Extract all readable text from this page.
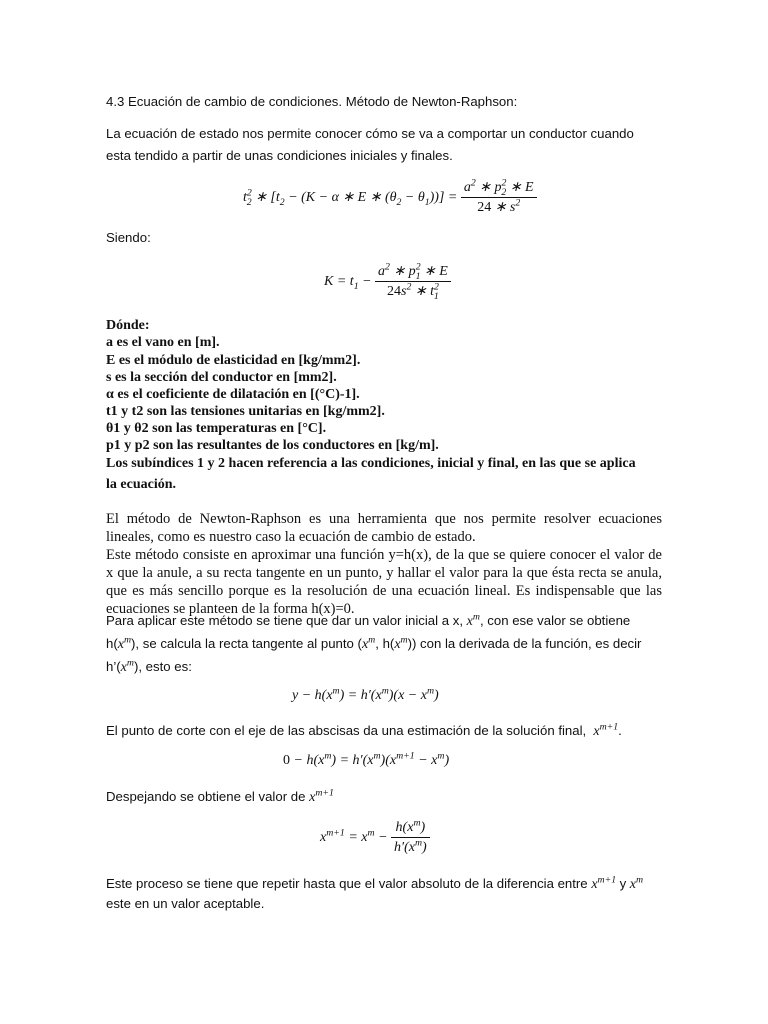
4.3 Ecuación de cambio de condiciones. Método de Newton-Raphson:
La ecuación de estado nos permite conocer cómo se va a comportar un conductor cuando
esta tendido a partir de unas condiciones iniciales y finales.
$t^2_2$ ∗ [$t_2 - (K - \alpha$ ∗ E ∗ $(\theta_2 - \theta_1))] = \frac{a^2 ∗ p^2_2 ∗ E}{24 ∗ s^2}$
Siendo:
$K = t_1 - \frac{a^2 ∗ p^2_1 ∗ E}{24s^2 ∗ t^2_1}$
Dónde:
a es el vano en [m].
E es el módulo de elasticidad en [kg/mm2].
s es la sección del conductor en [mm2].
α es el coeficiente de dilatación en [(°C)-1].
t1 y t2 son las tensiones unitarias en [kg/mm2].
θ1 y θ2 son las temperaturas en [°C].
p1 y p2 son las resultantes de los conductores en [kg/m].
Los subíndices 1 y 2 hacen referencia a las condiciones, inicial y final, en las que se aplica
la ecuación.
El método de Newton-Raphson es una herramienta que nos permite resolver ecuaciones
lineales, como es nuestro caso la ecuación de cambio de estado.
Este método consiste en aproximar una función y=h(x), de la que se quiere conocer el valor de
x que la anule, a su recta tangente en un punto, y hallar el valor para la que ésta recta se anula,
que es más sencillo porque es la resolución de una ecuación lineal. Es indispensable que las
ecuaciones se planteen de la forma h(x)=0.
Para aplicar este método se tiene que dar un valor inicial a x, $x^m$, con ese valor se obtiene
$h(x^m)$, se calcula la recta tangente al punto ($x^m$, $h(x^m)$) con la derivada de la función, es decir
$h’(x^m)$, esto es:
$y - h(x^m) = h'(x^m)(x - x^m)$
El punto de corte con el eje de las abscisas da una estimación de la solución final,  $x^{m+1}$.
$0 - h(x^m) = h'(x^m)(x^{m+1} - x^m)$
Despejando se obtiene el valor de $x^{m+1}$
$x^{m+1} = x^m - \frac{h(x^m)}{h'(x^m)}$
Este proceso se tiene que repetir hasta que el valor absoluto de la diferencia entre $x^{m+1}$ y $x^m$
este en un valor aceptable.
